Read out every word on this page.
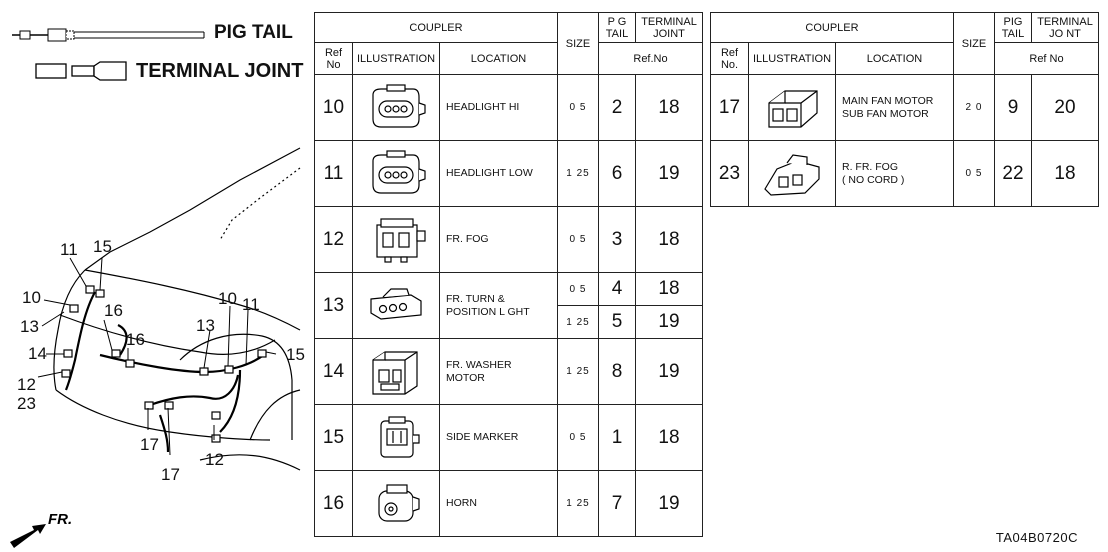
PIG TAIL
TERMINAL JOINT
FR.
11 15
10
16
13
16
10 11
13
14	15
12
23
17
17
12
COUPLER			SIZE	P G
TAIL	TERMINAL
JOINT
Ref
No	ILLUSTRATION	LOCATION		Ref.No	
10		HEADLIGHT HI	0 5	2	18
11		HEADLIGHT LOW	1 25	6	19
12		FR. FOG	0 5	3	18
13		FR. TURN &
POSITION L GHT	0 5	4	18
			1 25	5	19
14		FR. WASHER
MOTOR	1 25	8	19
15		SIDE MARKER	0 5	1	18
16		HORN	1 25	7	19
COUPLER			SIZE	PIG
TAIL	TERMINAL
JO NT
Ref
No.	ILLUSTRATION	LOCATION		Ref No	
17		MAIN FAN MOTOR
SUB FAN MOTOR	2 0	9	20
23		R. FR. FOG
( NO CORD )	0 5	22	18
TA04B0720C
